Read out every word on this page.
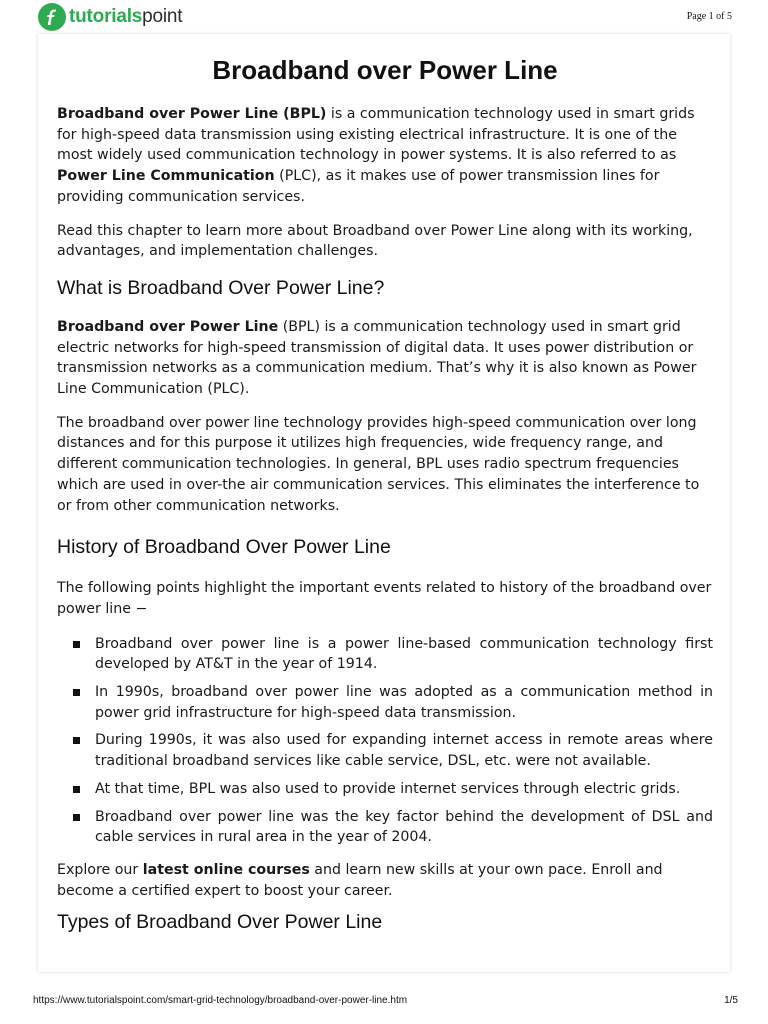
tutorialspoint	Page 1 of 5
Broadband over Power Line

Broadband over Power Line (BPL) is a communication technology used in smart grids for high-speed data transmission using existing electrical infrastructure. It is one of the most widely used communication technology in power systems. It is also referred to as Power Line Communication (PLC), as it makes use of power transmission lines for providing communication services.

Read this chapter to learn more about Broadband over Power Line along with its working, advantages, and implementation challenges.

What is Broadband Over Power Line?

Broadband over Power Line (BPL) is a communication technology used in smart grid electric networks for high-speed transmission of digital data. It uses power distribution or transmission networks as a communication medium. That’s why it is also known as Power Line Communication (PLC).

The broadband over power line technology provides high-speed communication over long distances and for this purpose it utilizes high frequencies, wide frequency range, and different communication technologies. In general, BPL uses radio spectrum frequencies which are used in over-the air communication services. This eliminates the interference to or from other communication networks.

History of Broadband Over Power Line

The following points highlight the important events related to history of the broadband over power line −

Broadband over power line is a power line-based communication technology first developed by AT&T in the year of 1914.
In 1990s, broadband over power line was adopted as a communication method in power grid infrastructure for high-speed data transmission.
During 1990s, it was also used for expanding internet access in remote areas where traditional broadband services like cable service, DSL, etc. were not available.
At that time, BPL was also used to provide internet services through electric grids.
Broadband over power line was the key factor behind the development of DSL and cable services in rural area in the year of 2004.

Explore our latest online courses and learn new skills at your own pace. Enroll and become a certified expert to boost your career.

Types of Broadband Over Power Line
https://www.tutorialspoint.com/smart-grid-technology/broadband-over-power-line.htm	1/5
